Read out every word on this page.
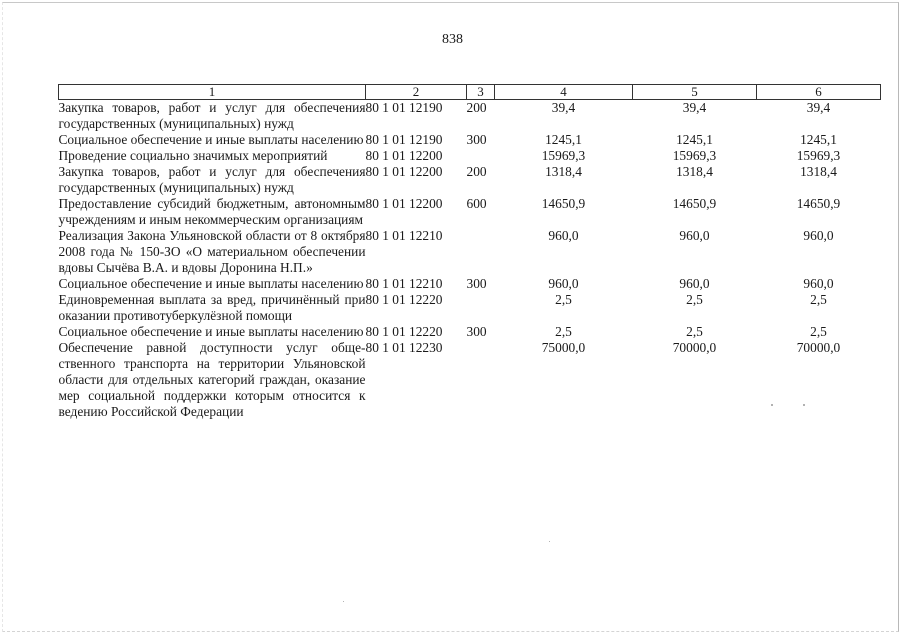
838
1	2	3	4	5	6
Закупка товаров, работ и услуг для обеспечения государственных (муниципальных) нужд	80 1 01 12190	200	39,4	39,4	39,4
Социальное обеспечение и иные выплаты населению	80 1 01 12190	300	1245,1	1245,1	1245,1
Проведение социально значимых мероприятий	80 1 01 12200		15969,3	15969,3	15969,3
Закупка товаров, работ и услуг для обеспечения государственных (муниципальных) нужд	80 1 01 12200	200	1318,4	1318,4	1318,4
Предоставление субсидий бюджетным, автономным учреждениям и иным некоммерческим организациям	80 1 01 12200	600	14650,9	14650,9	14650,9
Реализация Закона Ульяновской области от 8 октября 2008 года № 150-ЗО «О материальном обеспечении вдовы Сычёва В.А. и вдовы Доронина Н.П.»	80 1 01 12210		960,0	960,0	960,0
Социальное обеспечение и иные выплаты населению	80 1 01 12210	300	960,0	960,0	960,0
Единовременная выплата за вред, причинённый при оказании противотуберкулёзной помощи	80 1 01 12220		2,5	2,5	2,5
Социальное обеспечение и иные выплаты населению	80 1 01 12220	300	2,5	2,5	2,5
Обеспечение равной доступности услуг общественного транспорта на территории Ульяновской области для отдельных категорий граждан, оказание мер социальной поддержки которым относится к ведению Российской Федерации	80 1 01 12230		75000,0	70000,0	70000,0
